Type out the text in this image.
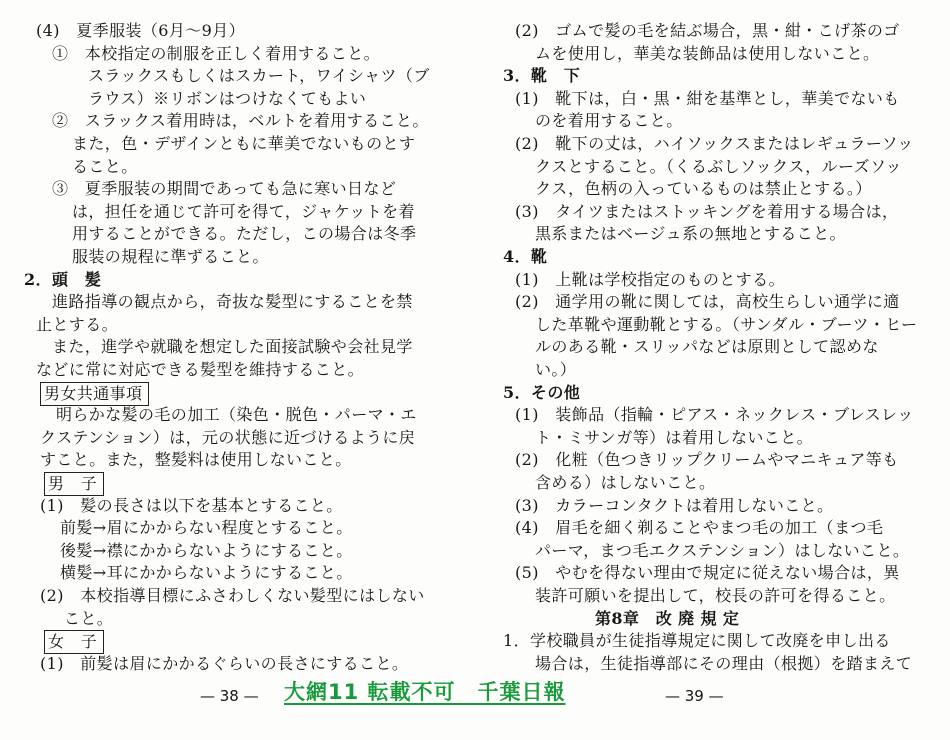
(4)　夏季服装（6月～9月）
①　本校指定の制服を正しく着用すること。
スラックスもしくはスカート，ワイシャツ（ブ
ラウス）※リボンはつけなくてもよい
②　スラックス着用時は，ベルトを着用すること。
また，色・デザインともに華美でないものとす
ること。
③　夏季服装の期間であっても急に寒い日など
は，担任を通じて許可を得て，ジャケットを着
用することができる。ただし，この場合は冬季
服装の規程に準ずること。
2．頭　髪
進路指導の観点から，奇抜な髪型にすることを禁
止とする。
また，進学や就職を想定した面接試験や会社見学
などに常に対応できる髪型を維持すること。
男女共通事項
明らかな髪の毛の加工（染色・脱色・パーマ・エ
クステンション）は，元の状態に近づけるように戻
すこと。また，整髪料は使用しないこと。
男　子
(1)　髪の長さは以下を基本とすること。
前髪→眉にかからない程度とすること。
後髪→襟にかからないようにすること。
横髪→耳にかからないようにすること。
(2)　本校指導目標にふさわしくない髪型にはしない
こと。
女　子
(1)　前髪は眉にかかるぐらいの長さにすること。
(2)　ゴムで髪の毛を結ぶ場合，黒・紺・こげ茶のゴ
ムを使用し，華美な装飾品は使用しないこと。
3．靴　下
(1)　靴下は，白・黒・紺を基準とし，華美でないも
のを着用すること。
(2)　靴下の丈は，ハイソックスまたはレギュラーソッ
クスとすること。（くるぶしソックス，ルーズソッ
クス，色柄の入っているものは禁止とする。）
(3)　タイツまたはストッキングを着用する場合は，
黒系またはベージュ系の無地とすること。
4．靴
(1)　上靴は学校指定のものとする。
(2)　通学用の靴に関しては，高校生らしい通学に適
した革靴や運動靴とする。（サンダル・ブーツ・ヒー
ルのある靴・スリッパなどは原則として認めな
い。）
5．その他
(1)　装飾品（指輪・ピアス・ネックレス・ブレスレッ
ト・ミサンガ等）は着用しないこと。
(2)　化粧（色つきリップクリームやマニキュア等も
含める）はしないこと。
(3)　カラーコンタクトは着用しないこと。
(4)　眉毛を細く剃ることやまつ毛の加工（まつ毛
パーマ，まつ毛エクステンション）はしないこと。
(5)　やむを得ない理由で規定に従えない場合は，異
装許可願いを提出して，校長の許可を得ること。
第8章　改 廃 規 定
1．学校職員が生徒指導規定に関して改廃を申し出る
場合は，生徒指導部にその理由（根拠）を踏まえて
— 38 — 大網11 転載不可　千葉日報	— 39 —
